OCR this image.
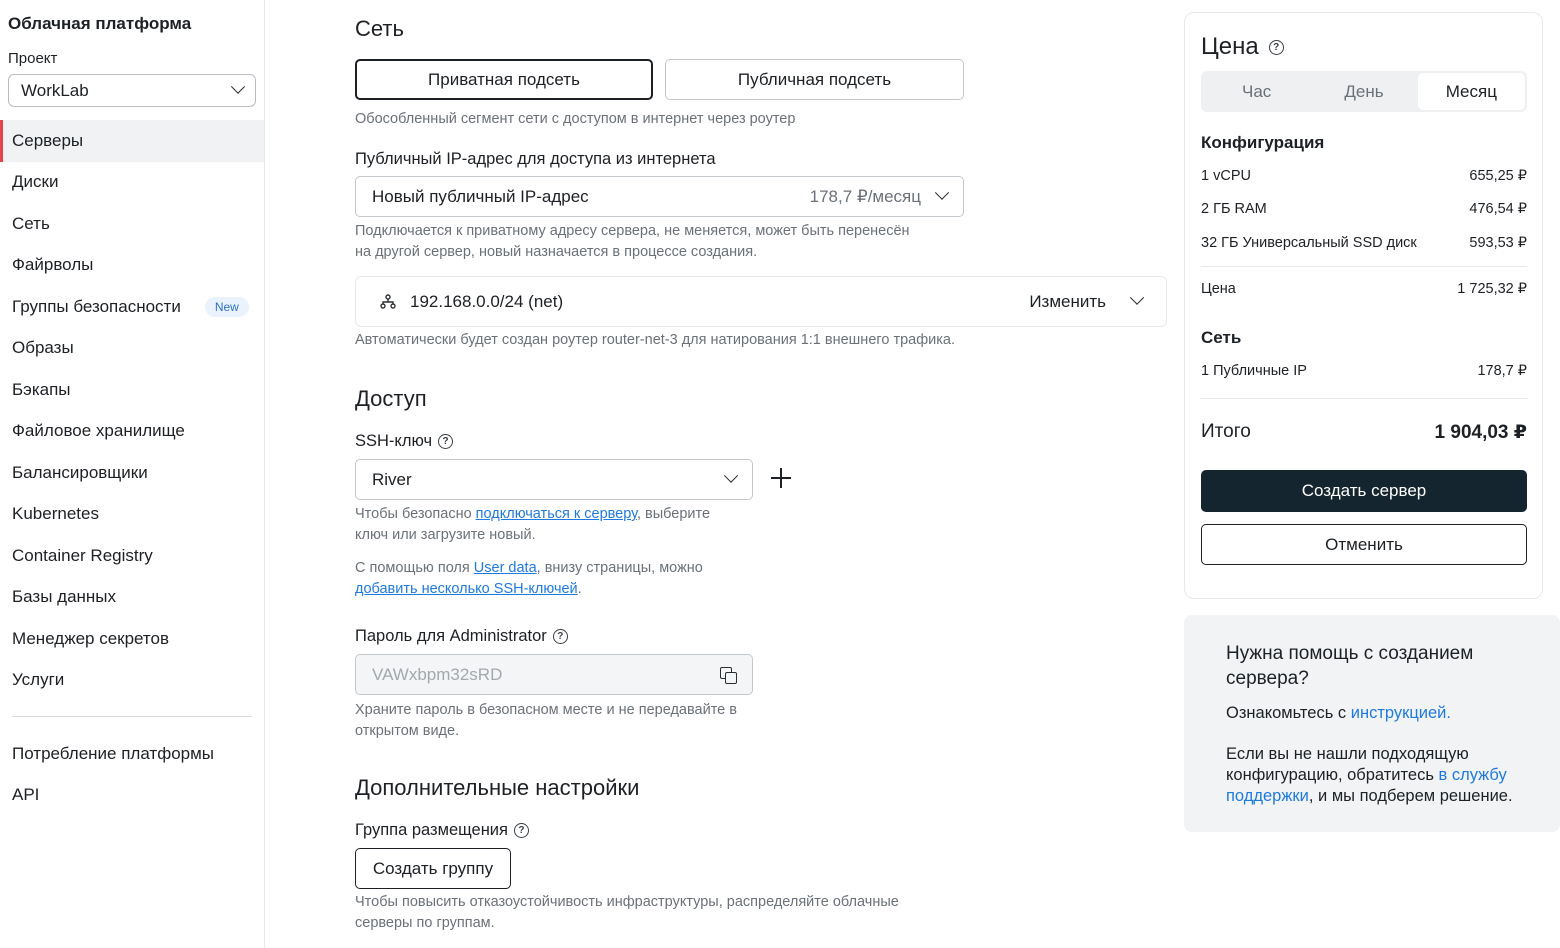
Облачная платформа
Проект
WorkLab
Серверы
Диски
Сеть
Файрволы
Группы безопасности	New
Образы
Бэкапы
Файловое хранилище
Балансировщики
Kubernetes
Container Registry
Базы данных
Менеджер секретов
Услуги
Потребление платформы
API
Сеть
Приватная подсеть	Публичная подсеть
Обособленный сегмент сети с доступом в интернет через роутер
Публичный IP-адрес для доступа из интернета
Новый публичный IP-адрес	178,7 ₽/месяц
Подключается к приватному адресу сервера, не меняется, может быть перенесён
на другой сервер, новый назначается в процессе создания.
192.168.0.0/24 (net)	Изменить
Автоматически будет создан роутер router-net-3 для натирования 1:1 внешнего трафика.
Доступ
SSH-ключ	?
River
Чтобы безопасно подключаться к серверу, выберите
ключ или загрузите новый.
С помощью поля User data, внизу страницы, можно
добавить несколько SSH-ключей.
Пароль для Administrator	?
VAWxbpm32sRD
Храните пароль в безопасном месте и не передавайте в
открытом виде.
Дополнительные настройки
Группа размещения	?
Создать группу
Чтобы повысить отказоустойчивость инфраструктуры, распределяйте облачные
серверы по группам.
Цена	?
Час	День	Месяц
Конфигурация
1 vCPU	655,25 ₽
2 ГБ RAM	476,54 ₽
32 ГБ Универсальный SSD диск	593,53 ₽
Цена	1 725,32 ₽
Сеть
1 Публичные IP	178,7 ₽
Итого	1 904,03 ₽
Создать сервер
Отменить
Нужна помощь с созданием сервера?

Ознакомьтесь с инструкцией.

Если вы не нашли подходящую конфигурацию, обратитесь в службу поддержки, и мы подберем решение.
